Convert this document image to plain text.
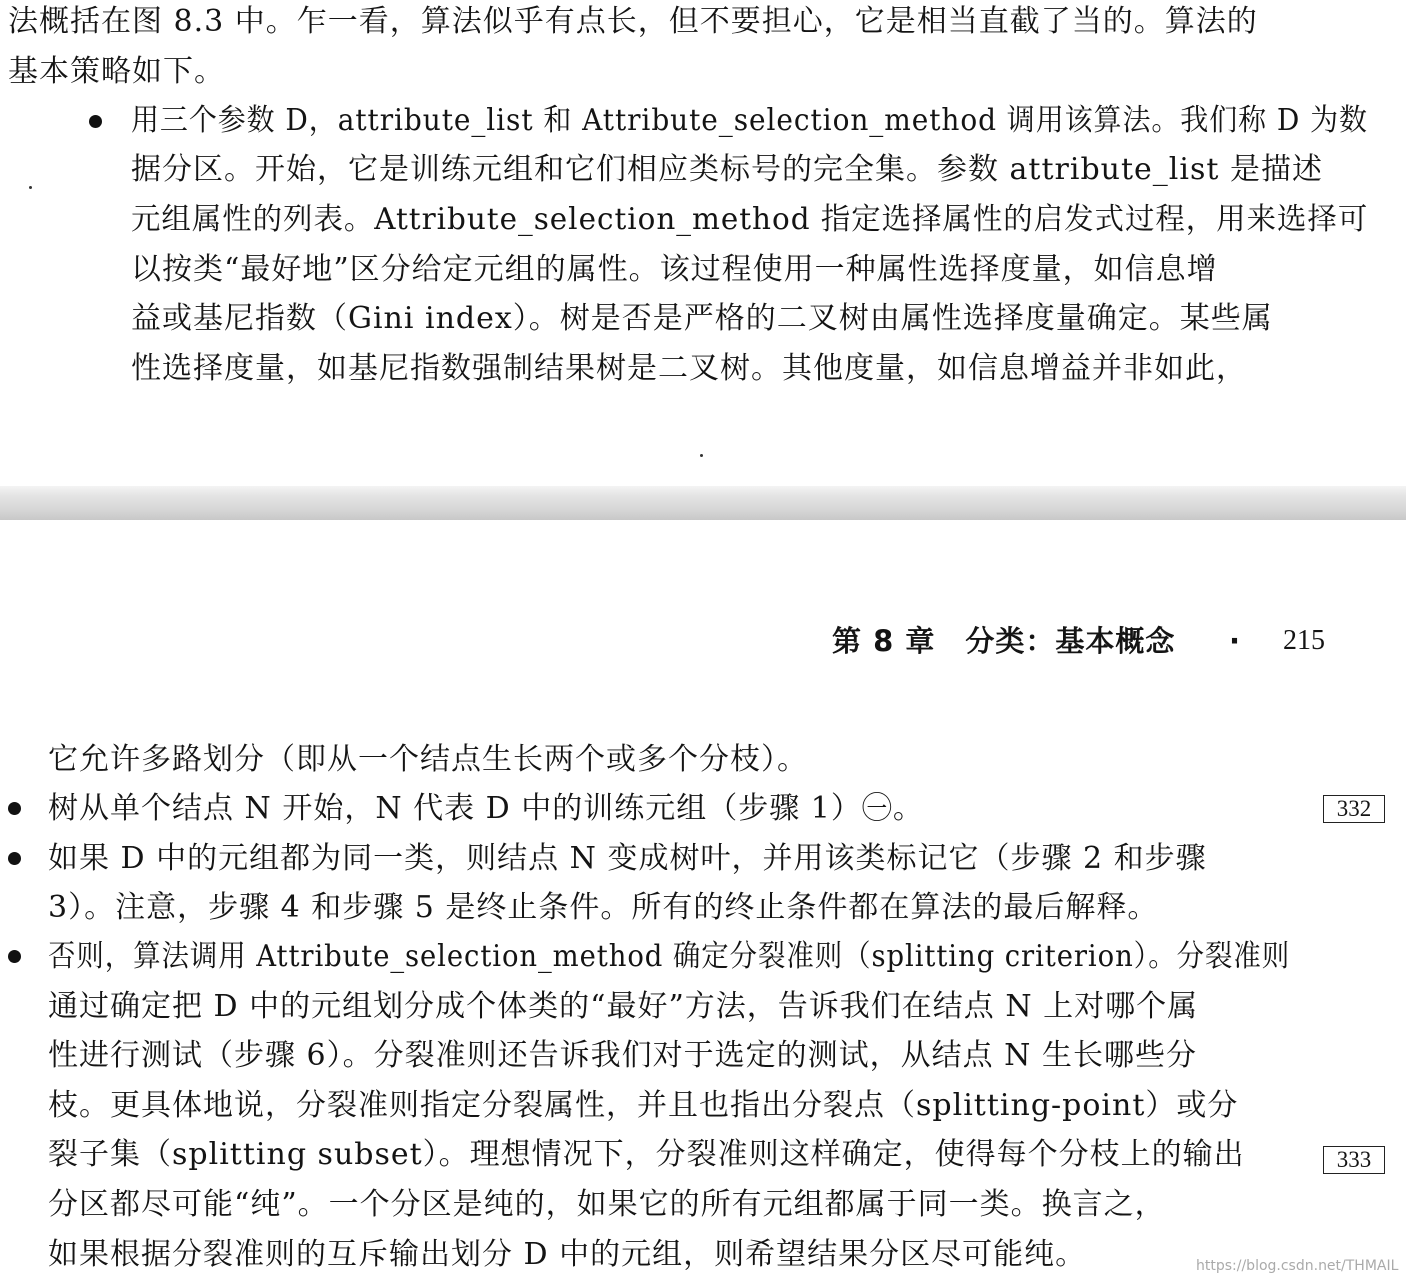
法概括在图 8.3 中。乍一看，算法似乎有点长，但不要担心，它是相当直截了当的。算法的
基本策略如下。
用三个参数 D，attribute_list 和 Attribute_selection_method 调用该算法。我们称 D 为数
据分区。开始，它是训练元组和它们相应类标号的完全集。参数 attribute_list 是描述
元组属性的列表。Attribute_selection_method 指定选择属性的启发式过程，用来选择可
以按类“最好地”区分给定元组的属性。该过程使用一种属性选择度量，如信息增
益或基尼指数（Gini index）。树是否是严格的二叉树由属性选择度量确定。某些属
性选择度量，如基尼指数强制结果树是二叉树。其他度量，如信息增益并非如此，
第 8 章　分类：基本概念 · 215
它允许多路划分（即从一个结点生长两个或多个分枝）。
树从单个结点 N 开始，N 代表 D 中的训练元组（步骤 1）㊀。
如果 D 中的元组都为同一类，则结点 N 变成树叶，并用该类标记它（步骤 2 和步骤
3）。注意，步骤 4 和步骤 5 是终止条件。所有的终止条件都在算法的最后解释。
否则，算法调用 Attribute_selection_method 确定分裂准则（splitting criterion）。分裂准则
通过确定把 D 中的元组划分成个体类的“最好”方法，告诉我们在结点 N 上对哪个属
性进行测试（步骤 6）。分裂准则还告诉我们对于选定的测试，从结点 N 生长哪些分
枝。更具体地说，分裂准则指定分裂属性，并且也指出分裂点（splitting-point）或分
裂子集（splitting subset）。理想情况下，分裂准则这样确定，使得每个分枝上的输出
分区都尽可能“纯”。一个分区是纯的，如果它的所有元组都属于同一类。换言之，
如果根据分裂准则的互斥输出划分 D 中的元组，则希望结果分区尽可能纯。
332
333
https://blog.csdn.net/THMAIL
